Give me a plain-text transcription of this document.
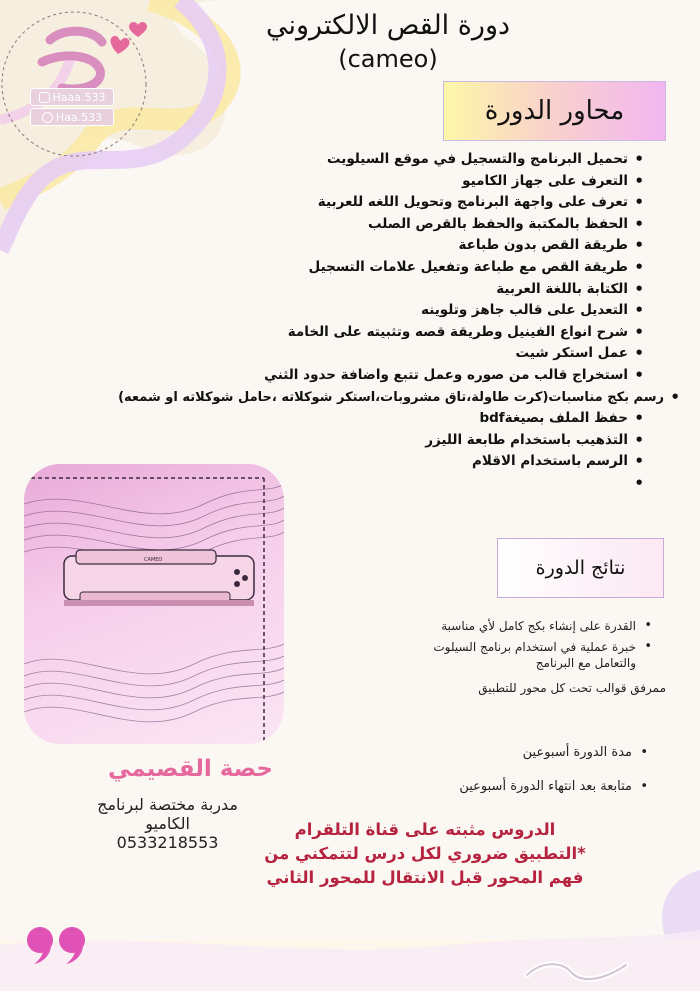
Haaa.533
Haa.533
دورة القص الالكتروني
(cameo)
محاور الدورة
• تحميل البرنامج والتسجيل في موقع السيلويت
• التعرف على جهاز الكاميو
• تعرف على واجهة البرنامج وتحويل اللغه للعربية
• الحفظ بالمكتبة والحفظ بالقرص الصلب
• طريقة القص بدون طباعة
• طريقة القص مع طباعة وتفعيل علامات التسجيل
• الكتابة باللغة العربية
• التعديل على قالب جاهز وتلوينه
• شرح انواع الفينيل وطريقة قصه وتثبيته على الخامة
• عمل استكر شيت
• استخراج قالب من صوره وعمل تتبع واضافة حدود الثني
• رسم بكج مناسبات(كرت طاولة،تاق مشروبات،استكر شوكلاته ،حامل شوكلاته او شمعه)
• حفظ الملف بصيغةbdf
• التذهيب باستخدام طابعة الليزر
• الرسم باستخدام الاقلام
•
CAMEO	نتائج الدورة
• القدرة على إنشاء بكج كامل لأي مناسبة
• خبرة عملية في استخدام برنامج السيلوت والتعامل مع البرنامج
ممرفق قوالب تحت كل محور للتطبيق
• مدة الدورة أسبوعين
• متابعة بعد انتهاء الدورة أسبوعين
حصة القصيمي
مدربة مختصة لبرنامج
الكاميو
0533218553
الدروس مثبته على قناة التلقرام
*التطبيق ضروري لكل درس لتتمكني من
فهم المحور قبل الانتقال للمحور الثاني
